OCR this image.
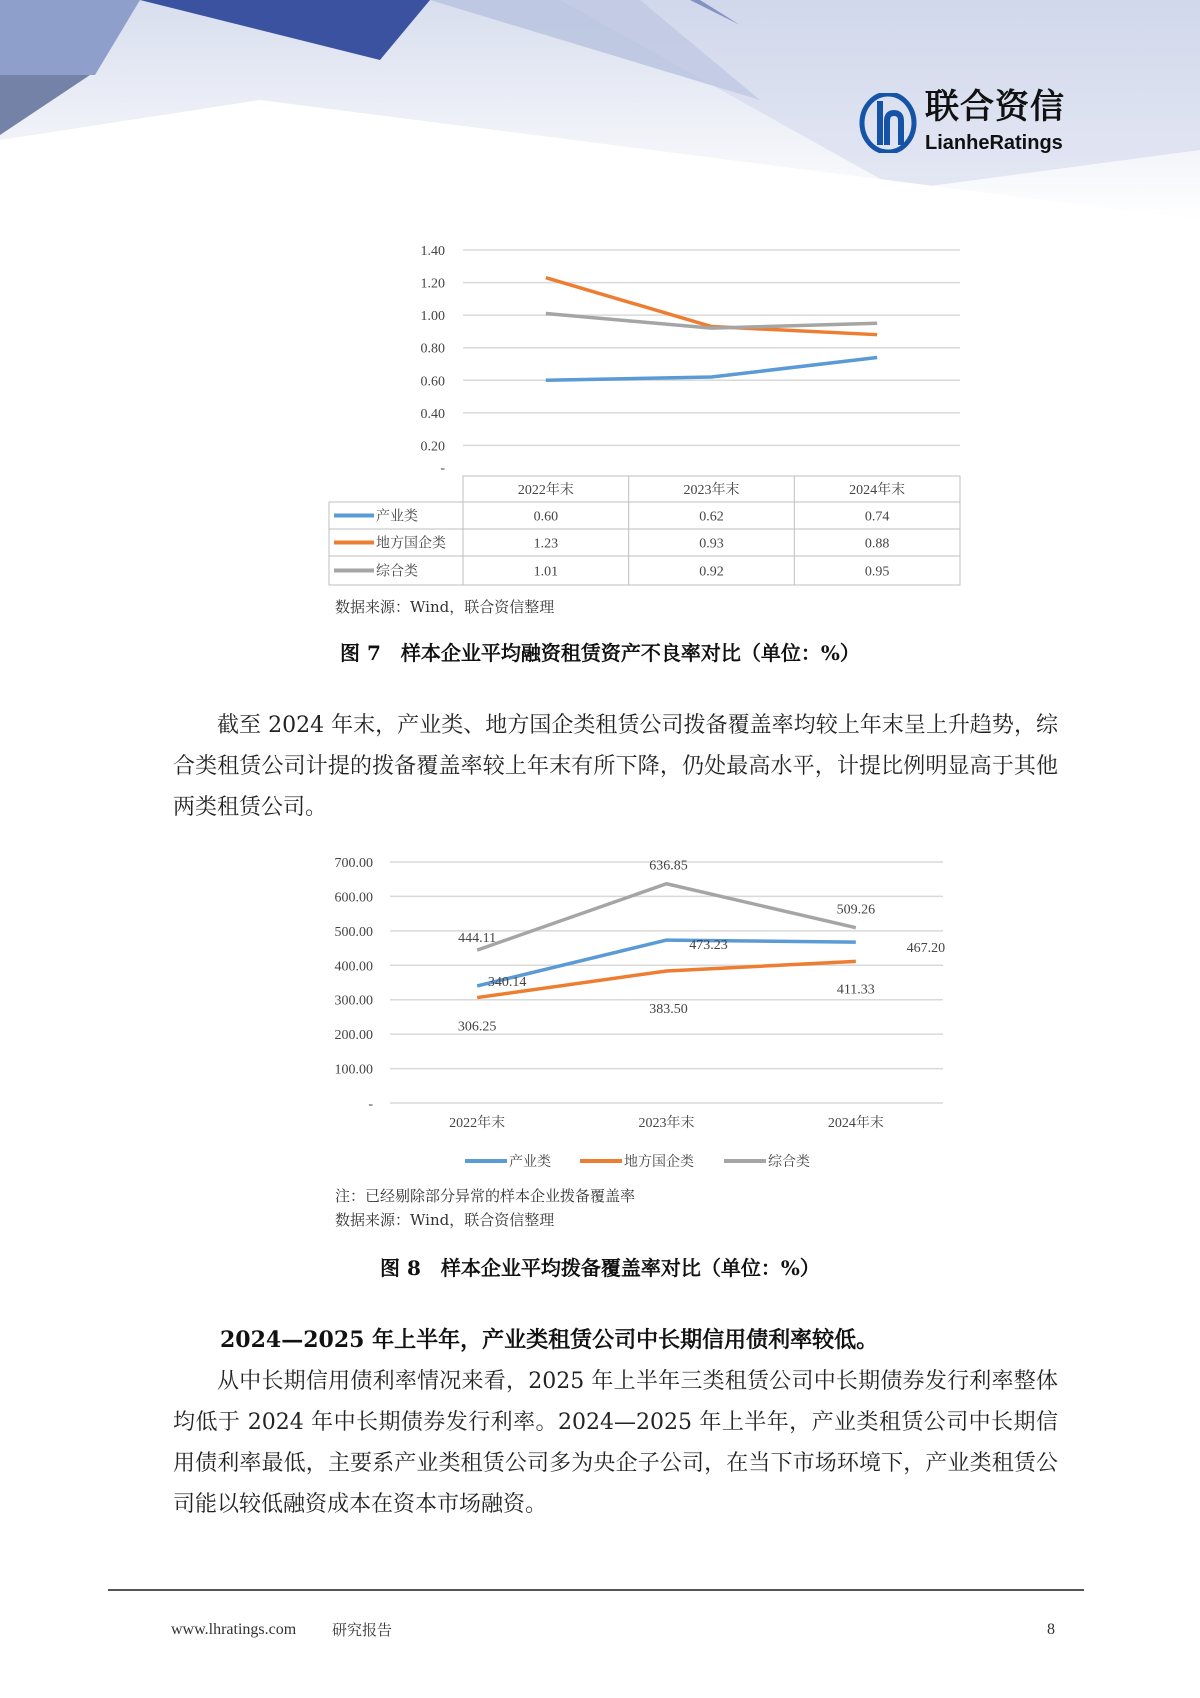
联合资信
LianheRatings
-
0.20
0.40
0.60
0.80
1.00
1.20
1.40
2022年末	2023年末	2024年末
产业类	0.60	0.62	0.74
地方国企类	1.23	0.93	0.88
综合类	1.01	0.92	0.95
数据来源：Wind，联合资信整理
图 7　样本企业平均融资租赁资产不良率对比（单位：%）

截至 2024 年末，产业类、地方国企类租赁公司拨备覆盖率均较上年末呈上升趋势，综合类租赁公司计提的拨备覆盖率较上年末有所下降，仍处最高水平，计提比例明显高于其他两类租赁公司。

-
100.00
200.00
300.00
400.00
500.00
600.00
700.00
2022年末	2023年末	2024年末
340.14
473.23	467.20
306.25
383.50
411.33
444.11
636.85
509.26
产业类	地方国企类	综合类
注：已经剔除部分异常的样本企业拨备覆盖率
数据来源：Wind，联合资信整理
图 8　样本企业平均拨备覆盖率对比（单位：%）
2024—2025 年上半年，产业类租赁公司中长期信用债利率较低。

从中长期信用债利率情况来看，2025 年上半年三类租赁公司中长期债券发行利率整体均低于 2024 年中长期债券发行利率。2024—2025 年上半年，产业类租赁公司中长期信用债利率最低，主要系产业类租赁公司多为央企子公司，在当下市场环境下，产业类租赁公司能以较低融资成本在资本市场融资。

www.lhratings.com 研究报告	8
